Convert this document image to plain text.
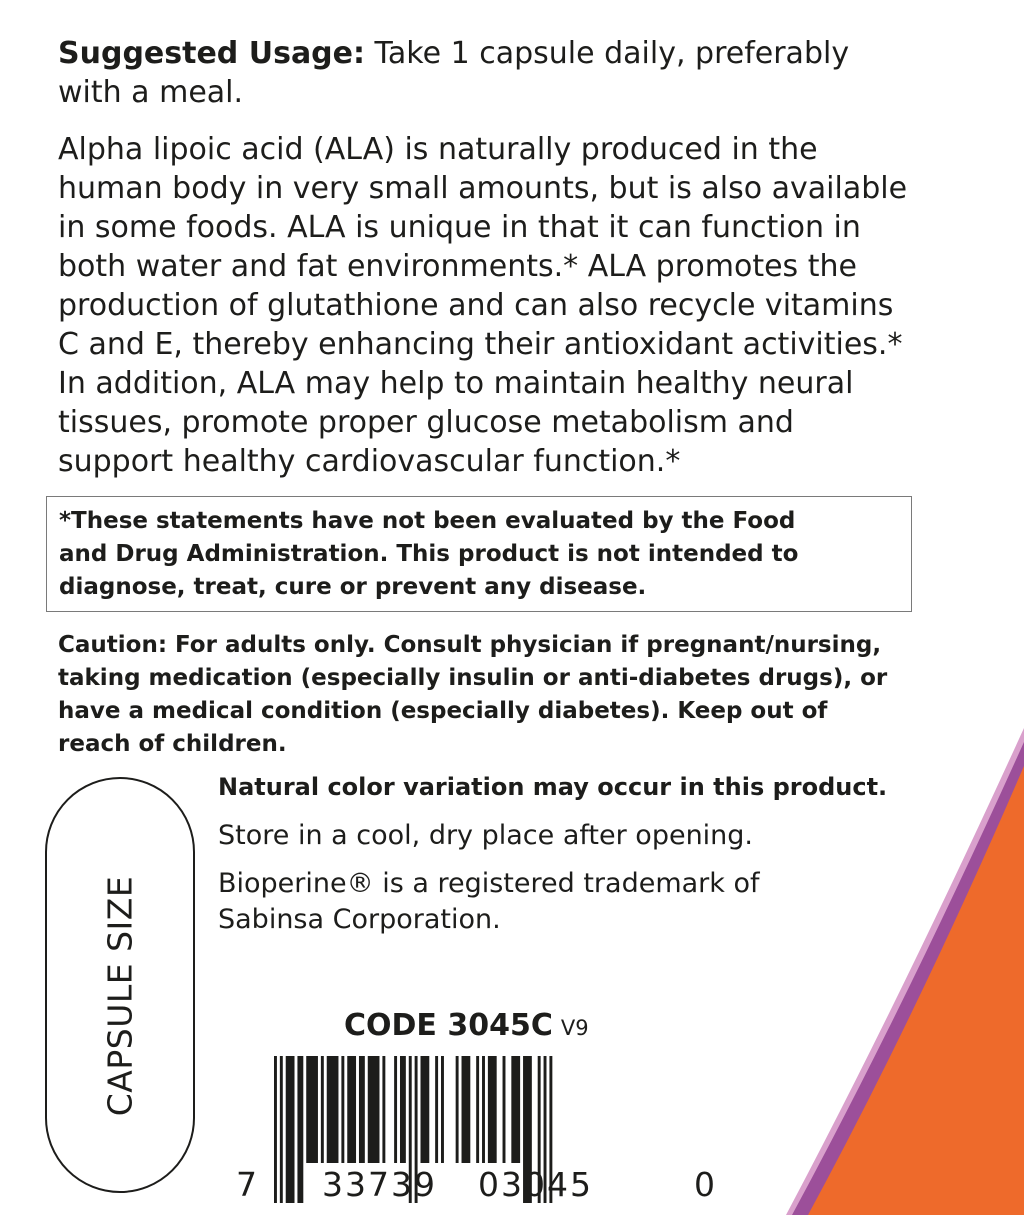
Suggested Usage: Take 1 capsule daily, preferably
with a meal.

Alpha lipoic acid (ALA) is naturally produced in the
human body in very small amounts, but is also available
in some foods. ALA is unique in that it can function in
both water and fat environments.* ALA promotes the
production of glutathione and can also recycle vitamins
C and E, thereby enhancing their antioxidant activities.*
In addition, ALA may help to maintain healthy neural
tissues, promote proper glucose metabolism and
support healthy cardiovascular function.*

*These statements have not been evaluated by the Food
and Drug Administration. This product is not intended to
diagnose, treat, cure or prevent any disease.
Caution: For adults only. Consult physician if pregnant/nursing,
taking medication (especially insulin or anti-diabetes drugs), or
have a medical condition (especially diabetes). Keep out of
reach of children.
CAPSULE SIZE
Natural color variation may occur in this product.
Store in a cool, dry place after opening.
Bioperine® is a registered trademark of
Sabinsa Corporation.
CODE 3045C V9
7 33739 03045	0
